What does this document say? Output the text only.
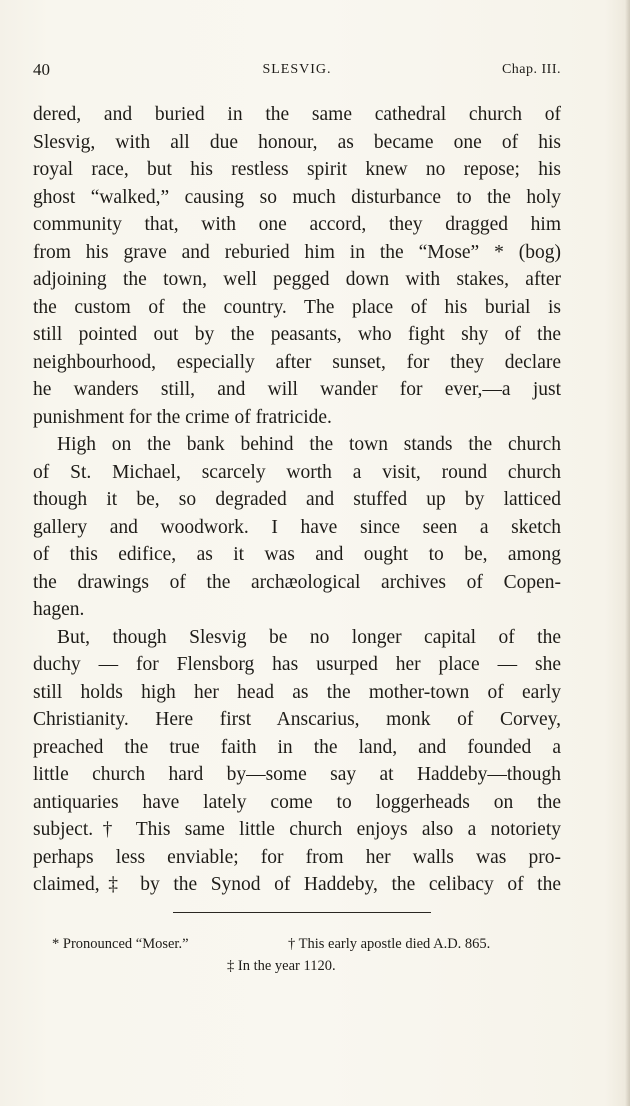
40	SLESVIG.	Chap. III.
dered, and buried in the same cathedral church of
Slesvig, with all due honour, as became one of his
royal race, but his restless spirit knew no repose; his
ghost “walked,” causing so much disturbance to the holy
community that, with one accord, they dragged him
from his grave and reburied him in the “Mose” * (bog)
adjoining the town, well pegged down with stakes, after
the custom of the country. The place of his burial is
still pointed out by the peasants, who fight shy of the
neighbourhood, especially after sunset, for they declare
he wanders still, and will wander for ever,—a just
punishment for the crime of fratricide.
High on the bank behind the town stands the church
of St. Michael, scarcely worth a visit, round church
though it be, so degraded and stuffed up by latticed
gallery and woodwork. I have since seen a sketch
of this edifice, as it was and ought to be, among
the drawings of the archæological archives of Copen-
hagen.
But, though Slesvig be no longer capital of the
duchy — for Flensborg has usurped her place — she
still holds high her head as the mother-town of early
Christianity. Here first Anscarius, monk of Corvey,
preached the true faith in the land, and founded a
little church hard by—some say at Haddeby—though
antiquaries have lately come to loggerheads on the
subject.† This same little church enjoys also a notoriety
perhaps less enviable; for from her walls was pro-
claimed,‡ by the Synod of Haddeby, the celibacy of the
* Pronounced “Moser.”	† This early apostle died A.D. 865.
‡ In the year 1120.
